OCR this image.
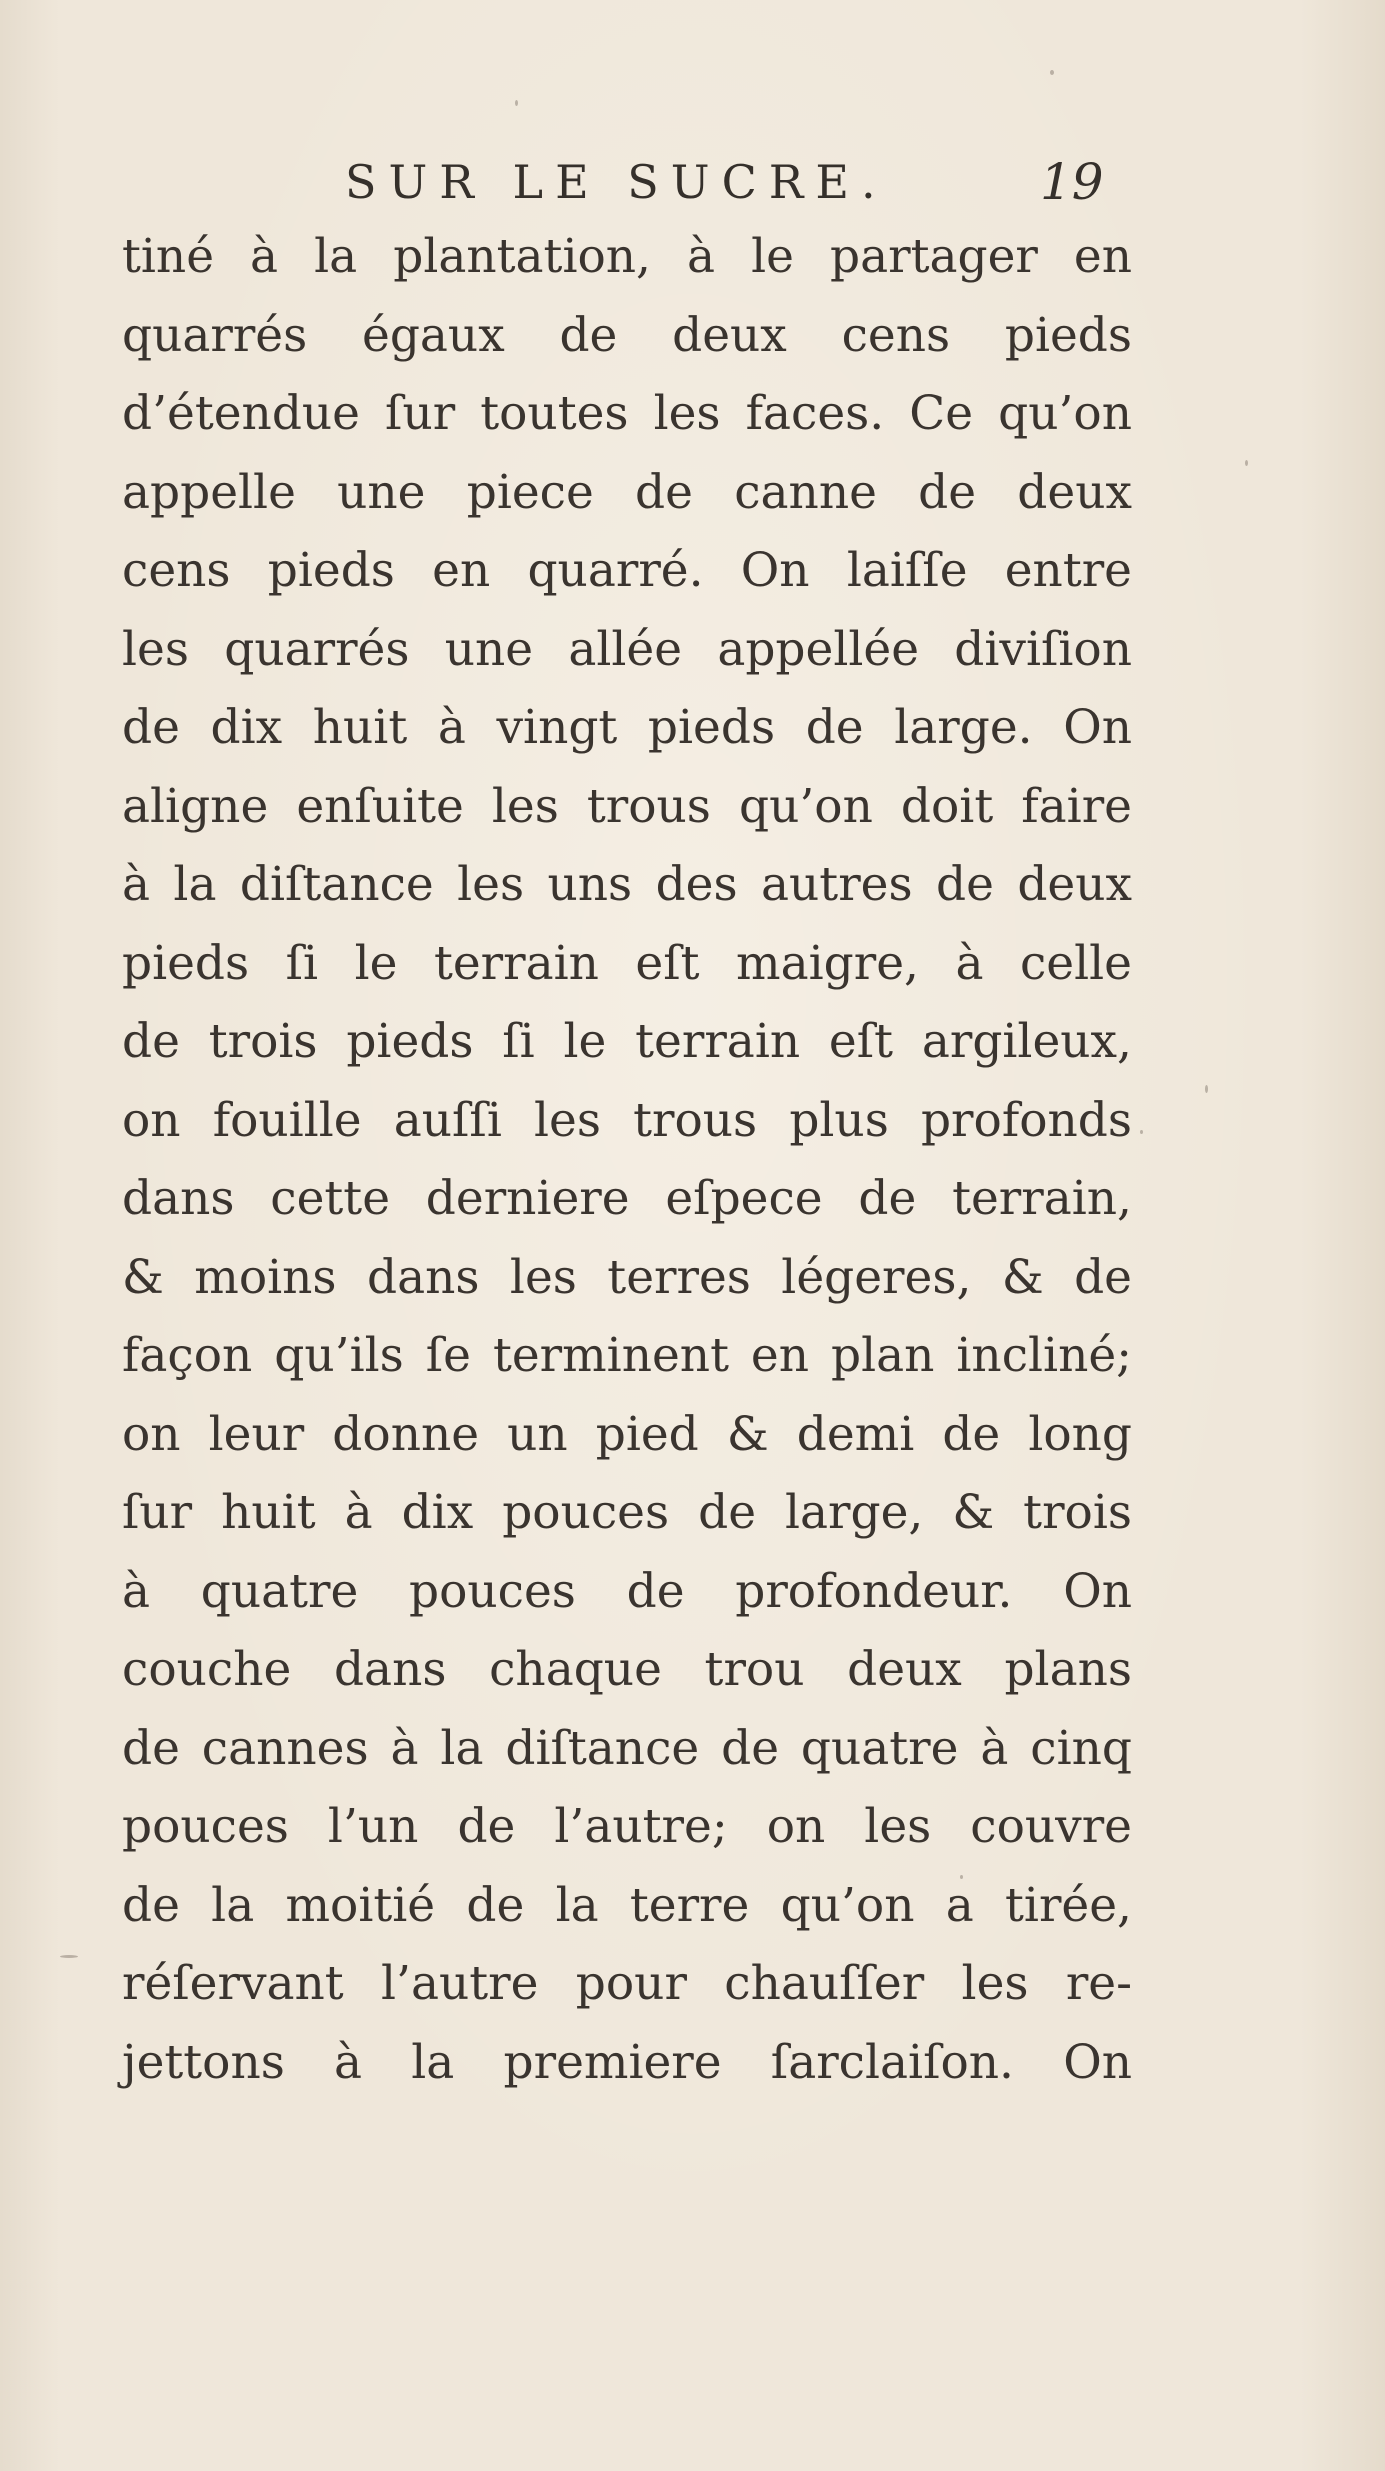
SUR LE SUCRE.	19
tiné à la plantation, à le partager en
quarrés égaux de deux cens pieds
d’étendue ſur toutes les faces. Ce qu’on
appelle une piece de canne de deux
cens pieds en quarré. On laiſſe entre
les quarrés une allée appellée diviſion
de dix huit à vingt pieds de large. On
aligne enſuite les trous qu’on doit faire
à la diſtance les uns des autres de deux
pieds ſi le terrain eſt maigre, à celle
de trois pieds ſi le terrain eſt argileux,
on fouille auſſi les trous plus profonds
dans cette derniere eſpece de terrain,
& moins dans les terres légeres, & de
façon qu’ils ſe terminent en plan incliné;
on leur donne un pied & demi de long
ſur huit à dix pouces de large, & trois
à quatre pouces de profondeur. On
couche dans chaque trou deux plans
de cannes à la diſtance de quatre à cinq
pouces l’un de l’autre; on les couvre
de la moitié de la terre qu’on a tirée,
réſervant l’autre pour chauſſer les re-
jettons à la premiere ſarclaiſon. On
